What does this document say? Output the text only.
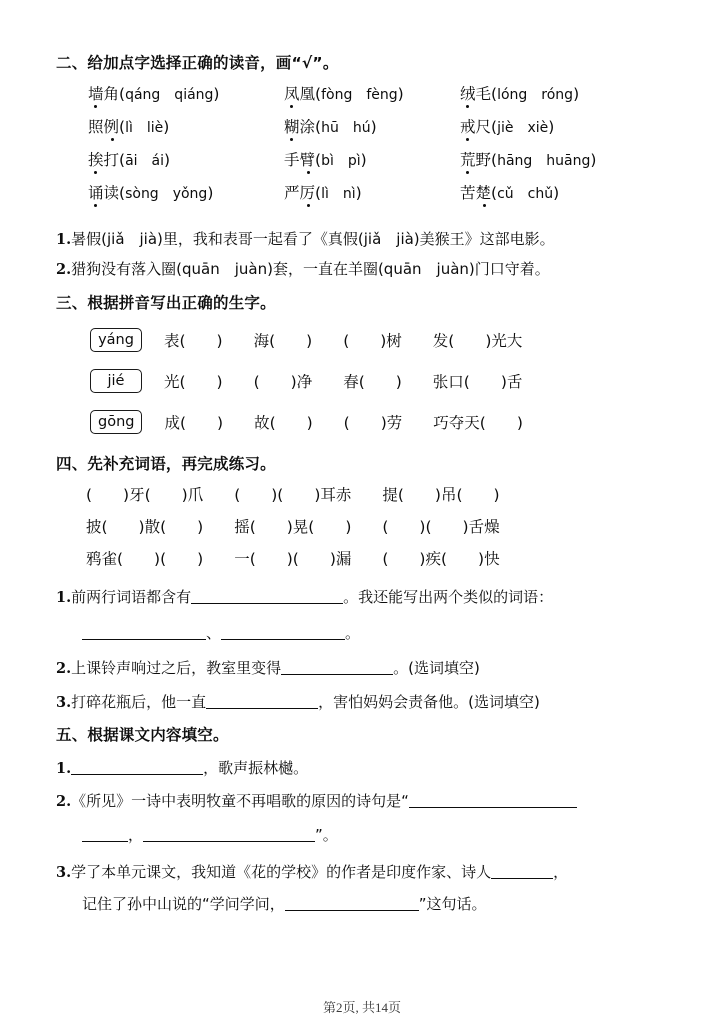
二、给加点字选择正确的读音，画“√”。
墙角(qáng　qiáng)	凤凰(fòng　fèng)	绒毛(lóng　róng)
照例(lì　liè)	糊涂(hū　hú)	戒尺(jiè　xiè)
挨打(āi　ái)	手臂(bì　pì)	荒野(hāng　huāng)
诵读(sòng　yǒng)	严厉(lì　nì)	苦楚(cǔ　chǔ)
1.暑假(jiǎ　jià)里，我和表哥一起看了《真假(jiǎ　jià)美猴王》这部电影。
2.猎狗没有落入圈(quān　juàn)套，一直在羊圈(quān　juàn)门口守着。
三、根据拼音写出正确的生字。
yáng	表(　　)　　海(　　)　　(　　)树　　发(　　)光大
jié	光(　　)　　(　　)净　　春(　　)　　张口(　　)舌
gōng	成(　　)　　故(　　)　　(　　)劳　　巧夺天(　　)
四、先补充词语，再完成练习。
(　　)牙(　　)爪　　(　　)(　　)耳赤　　提(　　)吊(　　)
披(　　)散(　　)　　摇(　　)晃(　　)　　(　　)(　　)舌燥
鸦雀(　　)(　　)　　一(　　)(　　)漏　　(　　)疾(　　)快
1.前两行词语都含有	。我还能写出两个类似的词语：
、	。
2.上课铃声响过之后，教室里变得	。(选词填空)
3.打碎花瓶后，他一直	，害怕妈妈会责备他。(选词填空)
五、根据课文内容填空。
1.	，歌声振林樾。
2.《所见》一诗中表明牧童不再唱歌的原因的诗句是“
，	”。
3.学了本单元课文，我知道《花的学校》的作者是印度作家、诗人	，
记住了孙中山说的“学问学问，	”这句话。
第2页, 共14页
